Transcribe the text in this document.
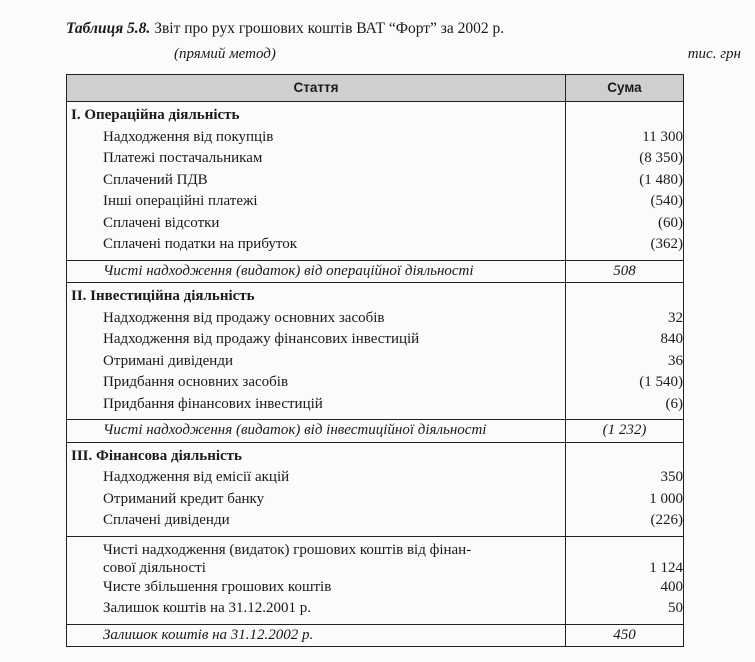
Таблиця 5.8. Звіт про рух грошових коштів ВАТ “Форт” за 2002 р.
(прямий метод)	тис. грн
Стаття	Сума
І. Операційна діяльність	
Надходження від покупців	11 300
Платежі постачальникам	(8 350)
Сплачений ПДВ	(1 480)
Інші операційні платежі	(540)
Сплачені відсотки	(60)
Сплачені податки на прибуток	(362)

Чисті надходження (видаток) від операційної діяльності	508
ІІ. Інвестиційна діяльність	
Надходження від продажу основних засобів	32
Надходження від продажу фінансових інвестицій	840
Отримані дивіденди	36
Придбання основних засобів	(1 540)
Придбання фінансових інвестицій	(6)

Чисті надходження (видаток) від інвестиційної діяльності	(1 232)
ІІІ. Фінансова діяльність	
Надходження від емісії акцій	350
Отриманий кредит банку	1 000
Сплачені дивіденди	(226)

Чисті надходження (видаток) грошових коштів від фінан-
сової діяльності	1 124
Чисте збільшення грошових коштів	400
Залишок коштів на 31.12.2001 р.	50

Залишок коштів на 31.12.2002 р.	450
